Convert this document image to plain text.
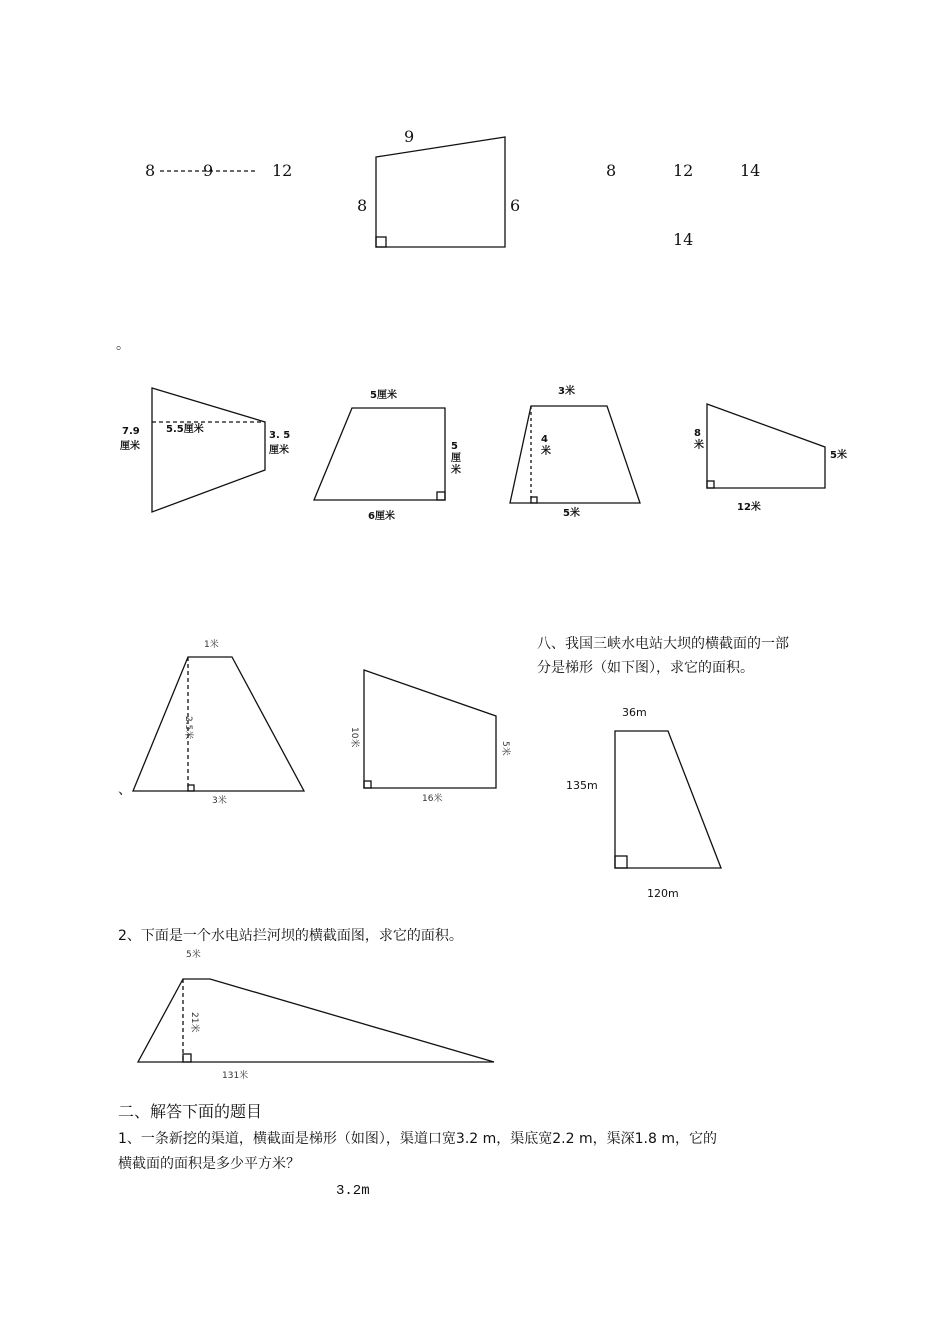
8	9	12
9
8	6
8	12	14
14
。
7.9
厘米
5.5厘米
3. 5
厘米
5厘米
5厘米
6厘米
3米
4米
5米
8米
5米
12米
、
1米
2.5米
3米
10米
5米
16米
八、我国三峡水电站大坝的横截面的一部
分是梯形（如下图），求它的面积。
36m
135m
120m
2、下面是一个水电站拦河坝的横截面图，求它的面积。
5米
21米
131米
二、解答下面的题目
1、一条新挖的渠道，横截面是梯形（如图），渠道口宽3.2 m，渠底宽2.2 m，渠深1.8 m，它的
横截面的面积是多少平方米？
3.2m
